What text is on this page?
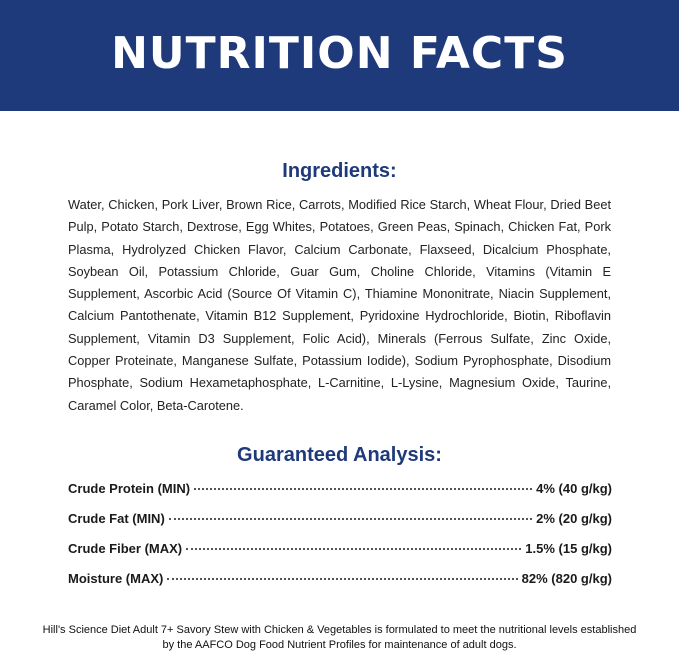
NUTRITION FACTS
Ingredients:

Water, Chicken, Pork Liver, Brown Rice, Carrots, Modified Rice Starch, Wheat Flour, Dried Beet Pulp, Potato Starch, Dextrose, Egg Whites, Potatoes, Green Peas, Spinach, Chicken Fat, Pork Plasma, Hydrolyzed Chicken Flavor, Calcium Carbonate, Flaxseed, Dicalcium Phosphate, Soybean Oil, Potassium Chloride, Guar Gum, Choline Chloride, Vitamins (Vitamin E Supplement, Ascorbic Acid (Source Of Vitamin C), Thiamine Mononitrate, Niacin Supplement, Calcium Pantothenate, Vitamin B12 Supplement, Pyridoxine Hydrochloride, Biotin, Riboflavin Supplement, Vitamin D3 Supplement, Folic Acid), Minerals (Ferrous Sulfate, Zinc Oxide, Copper Proteinate, Manganese Sulfate, Potassium Iodide), Sodium Pyrophosphate, Disodium Phosphate, Sodium Hexametaphosphate, L-Carnitine, L-Lysine, Magnesium Oxide, Taurine, Caramel Color, Beta-Carotene.

Guaranteed Analysis:
Crude Protein (MIN)	4% (40 g/kg)
Crude Fat (MIN)	2% (20 g/kg)
Crude Fiber (MAX)	1.5% (15 g/kg)
Moisture (MAX)	82% (820 g/kg)

Hill's Science Diet Adult 7+ Savory Stew with Chicken & Vegetables is formulated to meet the nutritional levels established by the AAFCO Dog Food Nutrient Profiles for maintenance of adult dogs.
